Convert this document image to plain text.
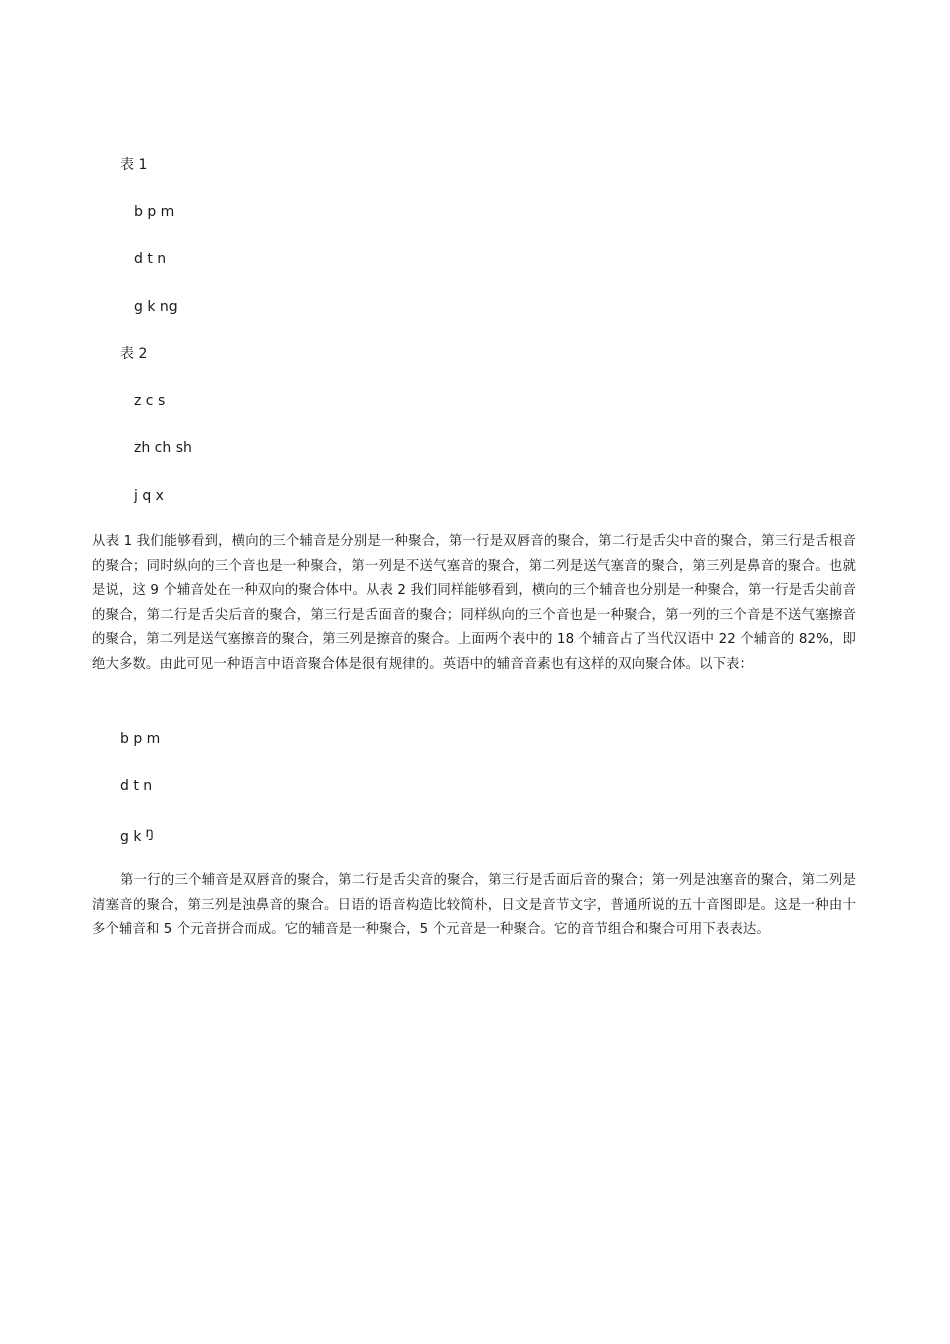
表 1
b p m
d t n
g k ng
表 2
z c s
zh ch sh
j q x
从表 1 我们能够看到，横向的三个辅音是分别是一种聚合，第一行是双唇音的聚合，第二行是舌尖中音的聚合，第三行是舌根音的聚合；同时纵向的三个音也是一种聚合，第一列是不送气塞音的聚合，第二列是送气塞音的聚合，第三列是鼻音的聚合。也就是说，这 9 个辅音处在一种双向的聚合体中。从表 2 我们同样能够看到，横向的三个辅音也分别是一种聚合，第一行是舌尖前音的聚合，第二行是舌尖后音的聚合，第三行是舌面音的聚合；同样纵向的三个音也是一种聚合，第一列的三个音是不送气塞擦音的聚合，第二列是送气塞擦音的聚合，第三列是擦音的聚合。上面两个表中的 18 个辅音占了当代汉语中 22 个辅音的 82%，即绝大多数。由此可见一种语言中语音聚合体是很有规律的。英语中的辅音音素也有这样的双向聚合体。以下表：
b p m
d t n
g k ŋ
第一行的三个辅音是双唇音的聚合，第二行是舌尖音的聚合，第三行是舌面后音的聚合；第一列是浊塞音的聚合，第二列是清塞音的聚合，第三列是浊鼻音的聚合。日语的语音构造比较简朴，日文是音节文字，普通所说的五十音图即是。这是一种由十多个辅音和 5 个元音拼合而成。它的辅音是一种聚合，5 个元音是一种聚合。它的音节组合和聚合可用下表表达。
